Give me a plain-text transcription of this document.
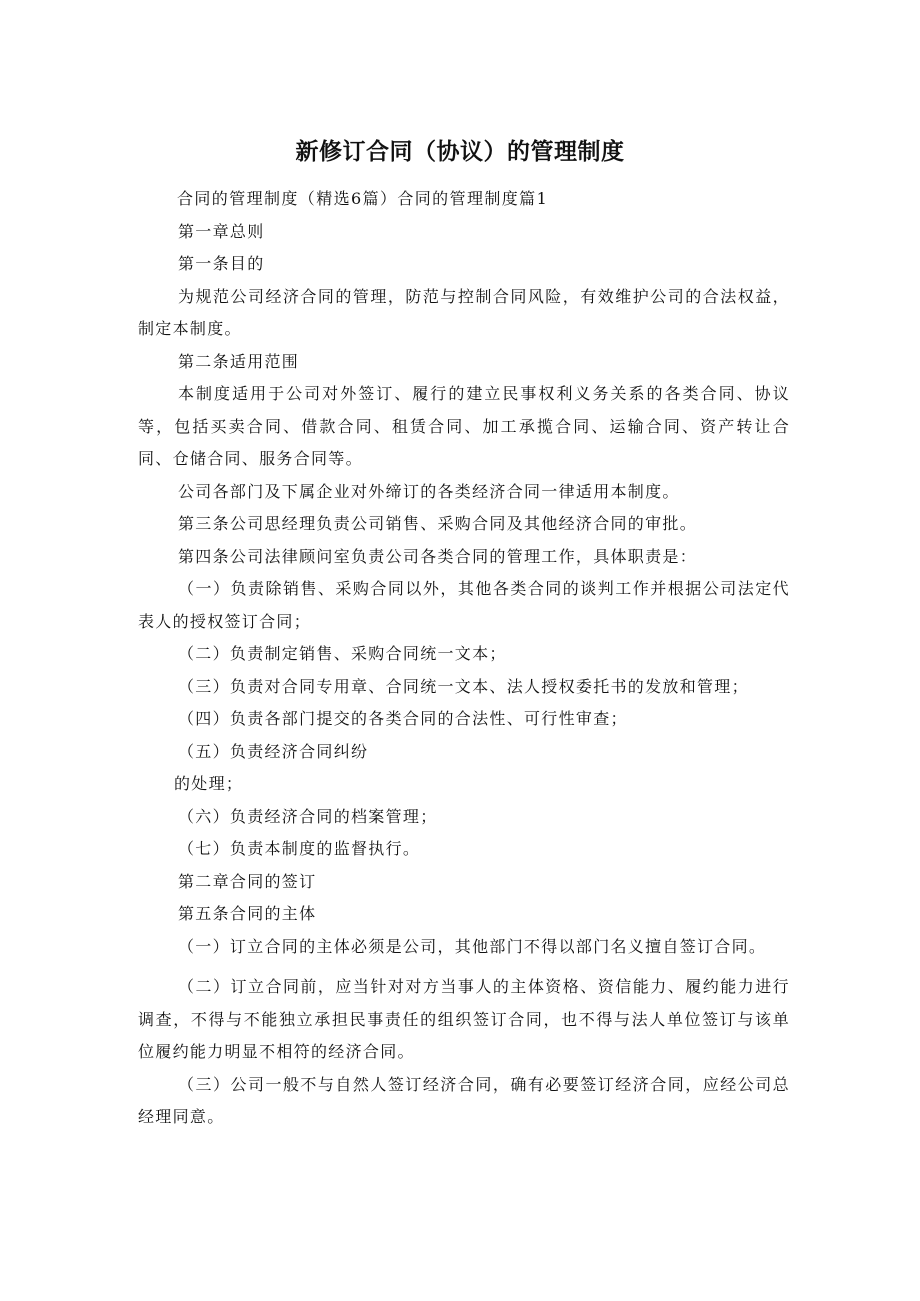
新修订合同（协议）的管理制度

合同的管理制度（精选6篇）合同的管理制度篇1

第一章总则

第一条目的

为规范公司经济合同的管理，防范与控制合同风险，有效维护公司的合法权益，制定本制度。

第二条适用范围

本制度适用于公司对外签订、履行的建立民事权利义务关系的各类合同、协议等，包括买卖合同、借款合同、租赁合同、加工承揽合同、运输合同、资产转让合同、仓储合同、服务合同等。

公司各部门及下属企业对外缔订的各类经济合同一律适用本制度。

第三条公司思经理负责公司销售、采购合同及其他经济合同的审批。

第四条公司法律顾问室负责公司各类合同的管理工作，具体职责是：

（一）负责除销售、采购合同以外，其他各类合同的谈判工作并根据公司法定代表人的授权签订合同；

（二）负责制定销售、采购合同统一文本；

（三）负责对合同专用章、合同统一文本、法人授权委托书的发放和管理；

（四）负责各部门提交的各类合同的合法性、可行性审查；

（五）负责经济合同纠纷

的处理；

（六）负责经济合同的档案管理；

（七）负责本制度的监督执行。

第二章合同的签订

第五条合同的主体

（一）订立合同的主体必须是公司，其他部门不得以部门名义擅自签订合同。

（二）订立合同前，应当针对对方当事人的主体资格、资信能力、履约能力进行调查，不得与不能独立承担民事责任的组织签订合同，也不得与法人单位签订与该单位履约能力明显不相符的经济合同。

（三）公司一般不与自然人签订经济合同，确有必要签订经济合同，应经公司总经理同意。
